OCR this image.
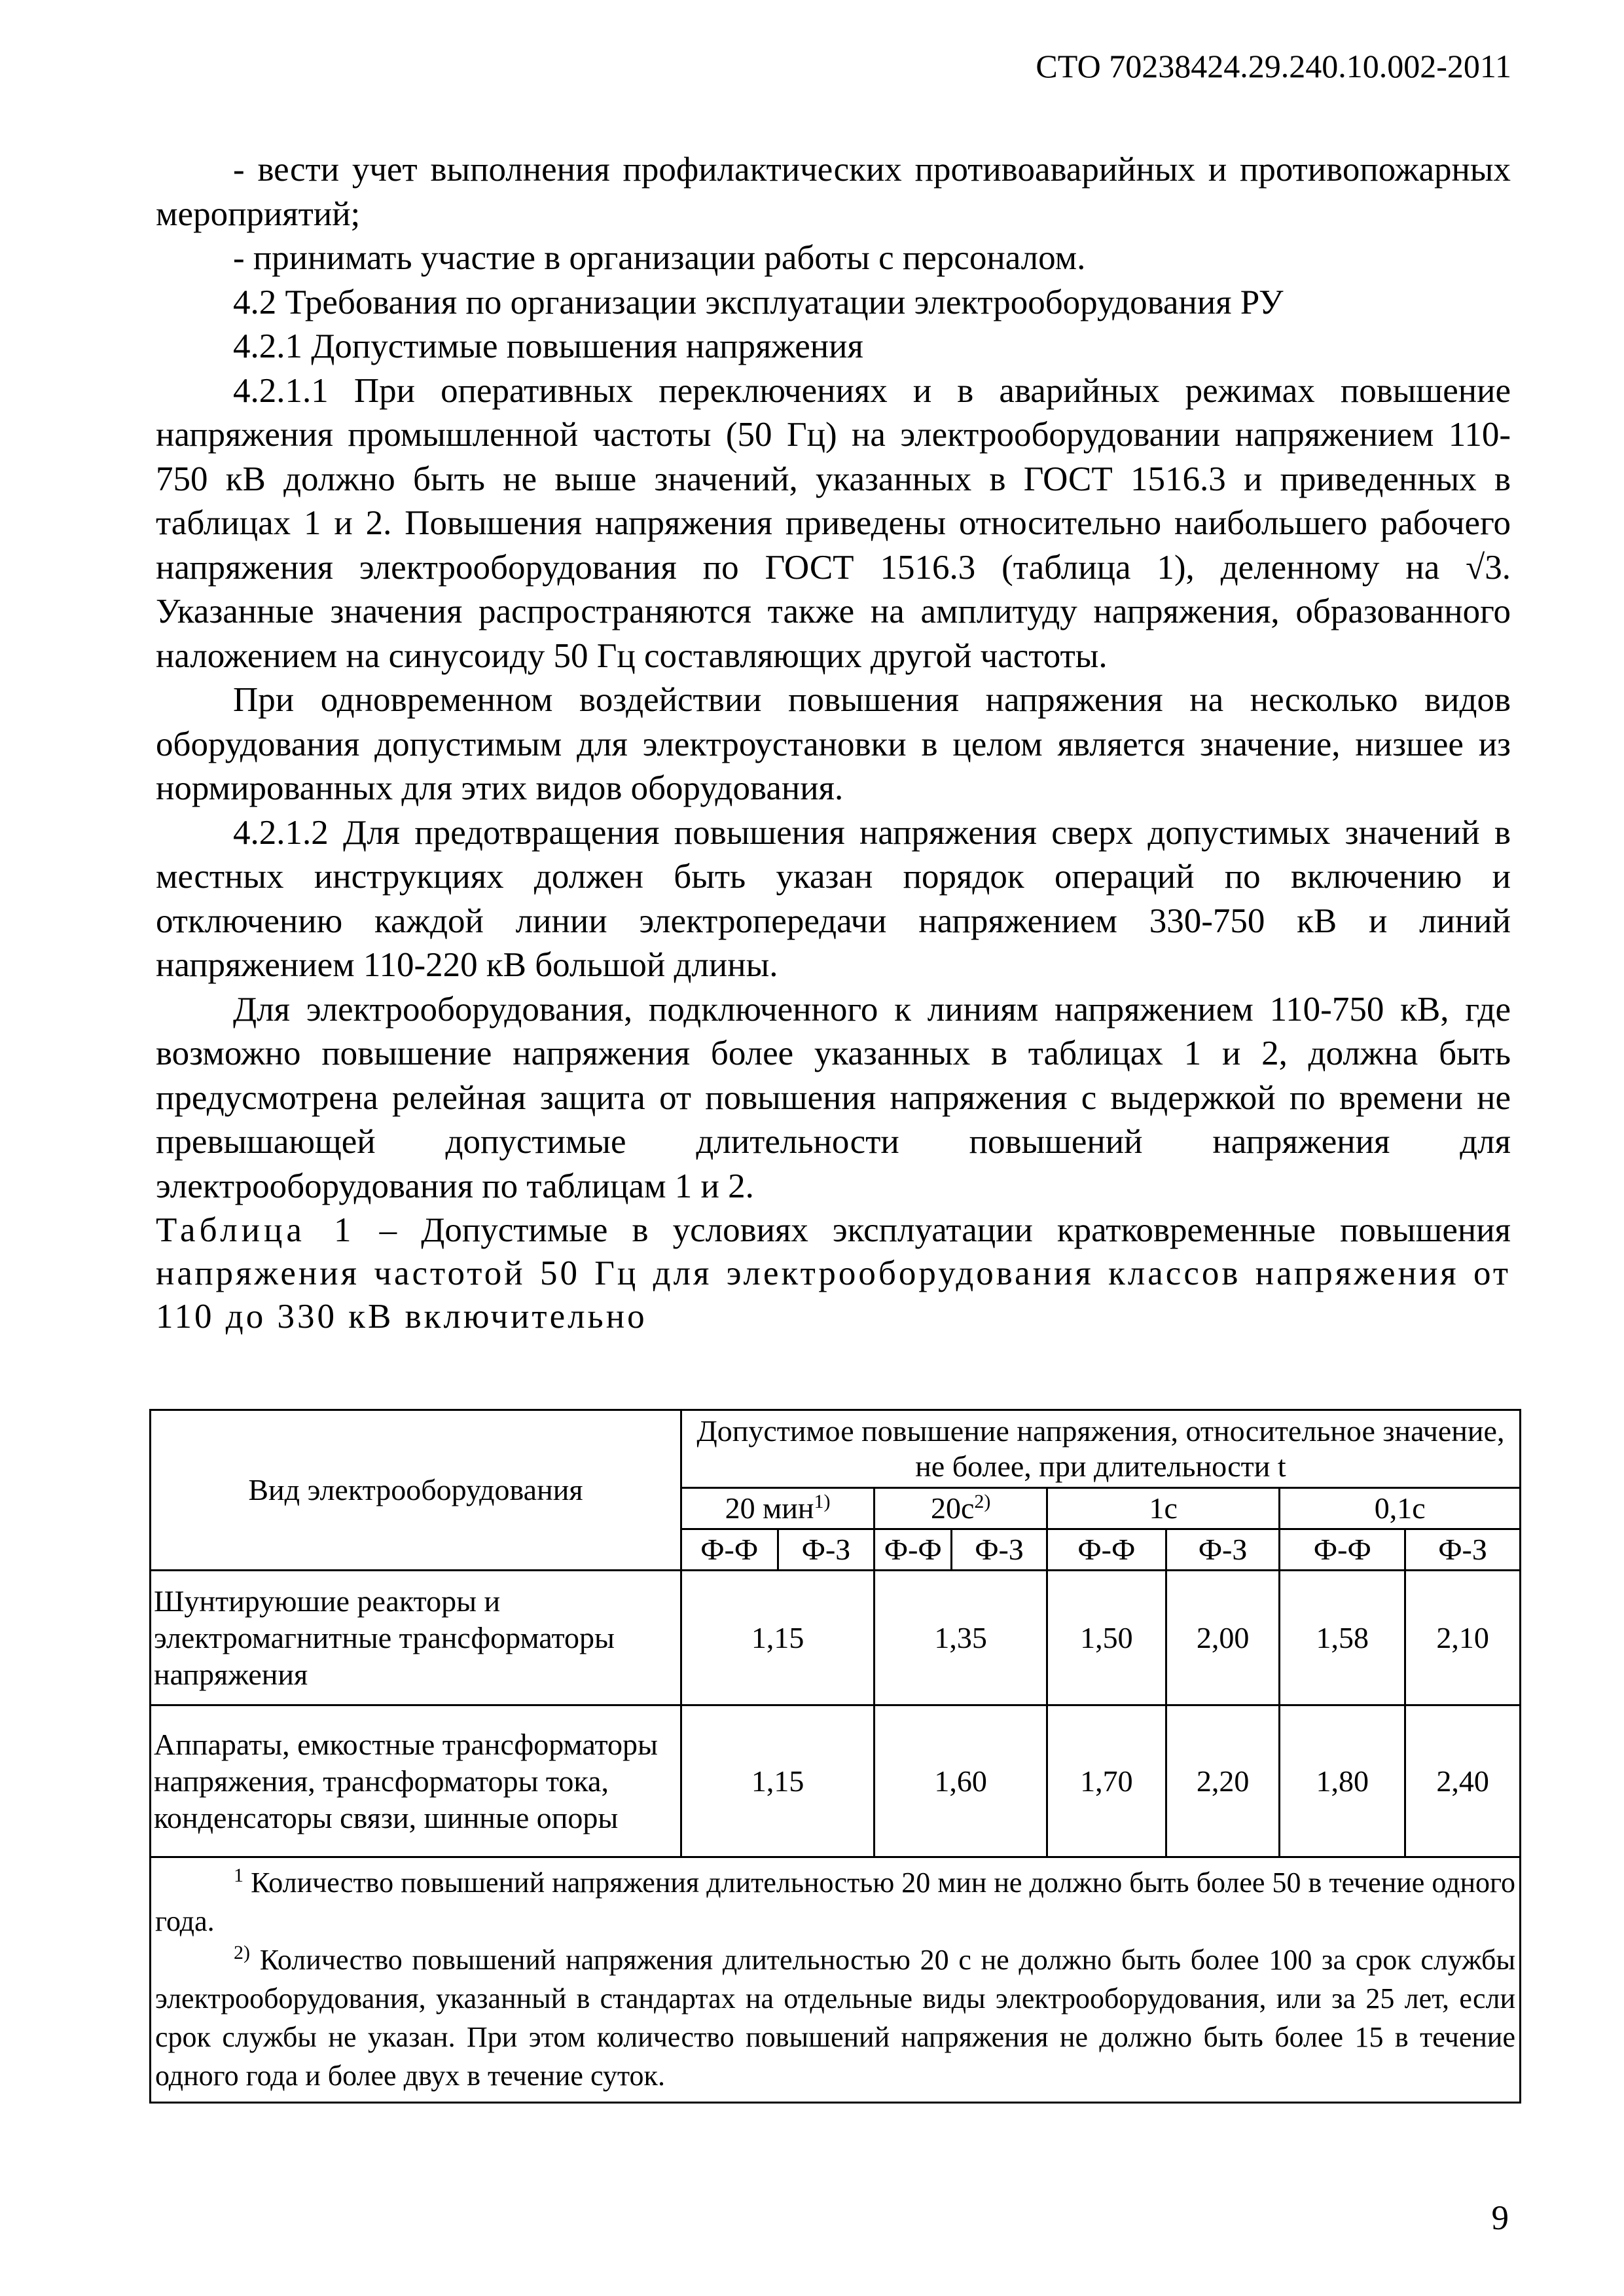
СТО 70238424.29.240.10.002-2011

- вести учет выполнения профилактических противоаварийных и противопожарных мероприятий;

- принимать участие в организации работы с персоналом.

4.2 Требования по организации эксплуатации электрооборудования РУ

4.2.1 Допустимые повышения напряжения

4.2.1.1 При оперативных переключениях и в аварийных режимах повышение напряжения промышленной частоты (50 Гц) на электрооборудовании напряжением 110-750 кВ должно быть не выше значений, указанных в ГОСТ 1516.3 и приведенных в таблицах 1 и 2. Повышения напряжения приведены относительно наибольшего рабочего напряжения электрооборудования по ГОСТ 1516.3 (таблица 1), деленному на √3. Указанные значения распространяются также на амплитуду напряжения, образованного наложением на синусоиду 50 Гц составляющих другой частоты.

При одновременном воздействии повышения напряжения на несколько видов оборудования допустимым для электроустановки в целом является значение, низшее из нормированных для этих видов оборудования.

4.2.1.2 Для предотвращения повышения напряжения сверх допустимых значений в местных инструкциях должен быть указан порядок операций по включению и отключению каждой линии электропередачи напряжением 330-750 кВ и линий напряжением 110-220 кВ большой длины.

Для электрооборудования, подключенного к линиям напряжением 110-750 кВ, где возможно повышение напряжения более указанных в таблицах 1 и 2, должна быть предусмотрена релейная защита от повышения напряжения с выдержкой по времени не превышающей допустимые длительности повышений напряжения для электрооборудования по таблицам 1 и 2.

Таблица 1 – Допустимые в условиях эксплуатации кратковременные повышения напряжения частотой 50 Гц для электрооборудования классов напряжения от 110 до 330 кВ включительно

Вид электрооборудования	Допустимое повышение напряжения, относительное значение, не более, при длительности t							
	20 мин$^{1)}$		$20с^{2)}$		1с		0,1с	
	Ф-Ф	Ф-З	Ф-Ф	Ф-З	Ф-Ф	Ф-З	Ф-Ф	Ф-З
Шунтируюшие реакторы и электромагнитные трансформаторы напряжения	1,15		1,35		1,50	2,00	1,58	2,10
Аппараты, емкостные трансформаторы напряжения, трансформаторы тока, конденсаторы связи, шинные опоры	1,15		1,60		1,70	2,20	1,80	2,40

$^1$ Количество повышений напряжения длительностью 20 мин не должно быть более 50 в течение одного года.

$^{2)}$ Количество повышений напряжения длительностью 20 с не должно быть более 100 за срок службы электрооборудования, указанный в стандартах на отдельные виды электрооборудования, или за 25 лет, если срок службы не указан. При этом количество повышений напряжения не должно быть более 15 в течение одного года и более двух в течение суток.								

9
